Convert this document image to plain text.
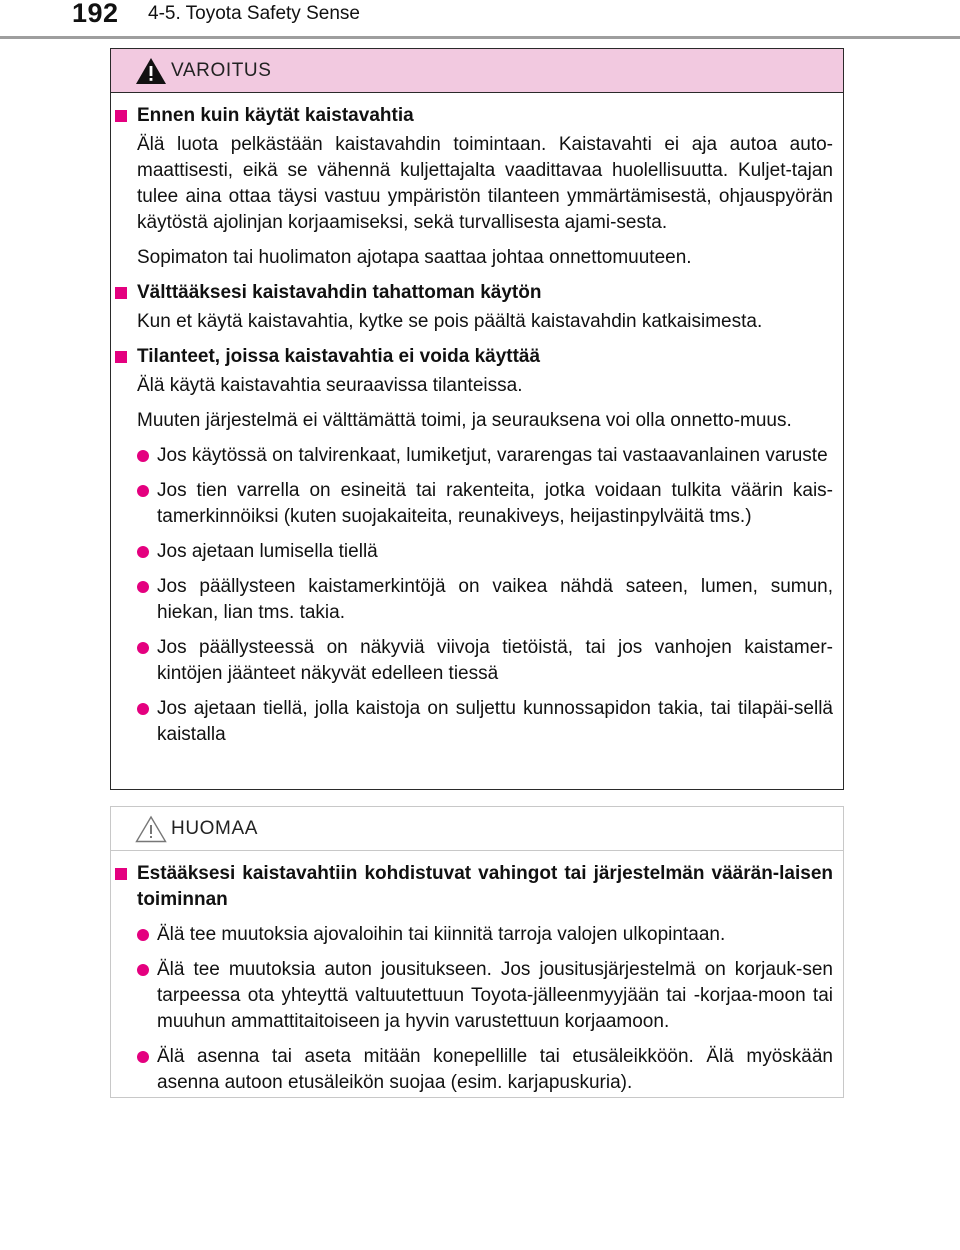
192 4-5. Toyota Safety Sense
VAROITUS
Ennen kuin käytät kaistavahtia

Älä luota pelkästään kaistavahdin toimintaan. Kaistavahti ei aja autoa auto-maattisesti, eikä se vähennä kuljettajalta vaadittavaa huolellisuutta. Kuljet-tajan tulee aina ottaa täysi vastuu ympäristön tilanteen ymmärtämisestä, ohjauspyörän käytöstä ajolinjan korjaamiseksi, sekä turvallisesta ajami-sesta.

Sopimaton tai huolimaton ajotapa saattaa johtaa onnettomuuteen.

Välttääksesi kaistavahdin tahattoman käytön

Kun et käytä kaistavahtia, kytke se pois päältä kaistavahdin katkaisimesta.

Tilanteet, joissa kaistavahtia ei voida käyttää

Älä käytä kaistavahtia seuraavissa tilanteissa.

Muuten järjestelmä ei välttämättä toimi, ja seurauksena voi olla onnetto-muus.

Jos käytössä on talvirenkaat, lumiketjut, vararengas tai vastaavanlainen varuste
Jos tien varrella on esineitä tai rakenteita, jotka voidaan tulkita väärin kais-tamerkinnöiksi (kuten suojakaiteita, reunakiveys, heijastinpylväitä tms.)
Jos ajetaan lumisella tiellä
Jos päällysteen kaistamerkintöjä on vaikea nähdä sateen, lumen, sumun, hiekan, lian tms. takia.
Jos päällysteessä on näkyviä viivoja tietöistä, tai jos vanhojen kaistamer-kintöjen jäänteet näkyvät edelleen tiessä
Jos ajetaan tiellä, jolla kaistoja on suljettu kunnossapidon takia, tai tilapäi-sellä kaistalla
HUOMAA
Estääksesi kaistavahtiin kohdistuvat vahingot tai järjestelmän väärän-laisen toiminnan
Älä tee muutoksia ajovaloihin tai kiinnitä tarroja valojen ulkopintaan.
Älä tee muutoksia auton jousitukseen. Jos jousitusjärjestelmä on korjauk-sen tarpeessa ota yhteyttä valtuutettuun Toyota-jälleenmyyjään tai -korjaa-moon tai muuhun ammattitaitoiseen ja hyvin varustettuun korjaamoon.
Älä asenna tai aseta mitään konepellille tai etusäleikköön. Älä myöskään asenna autoon etusäleikön suojaa (esim. karjapuskuria).
